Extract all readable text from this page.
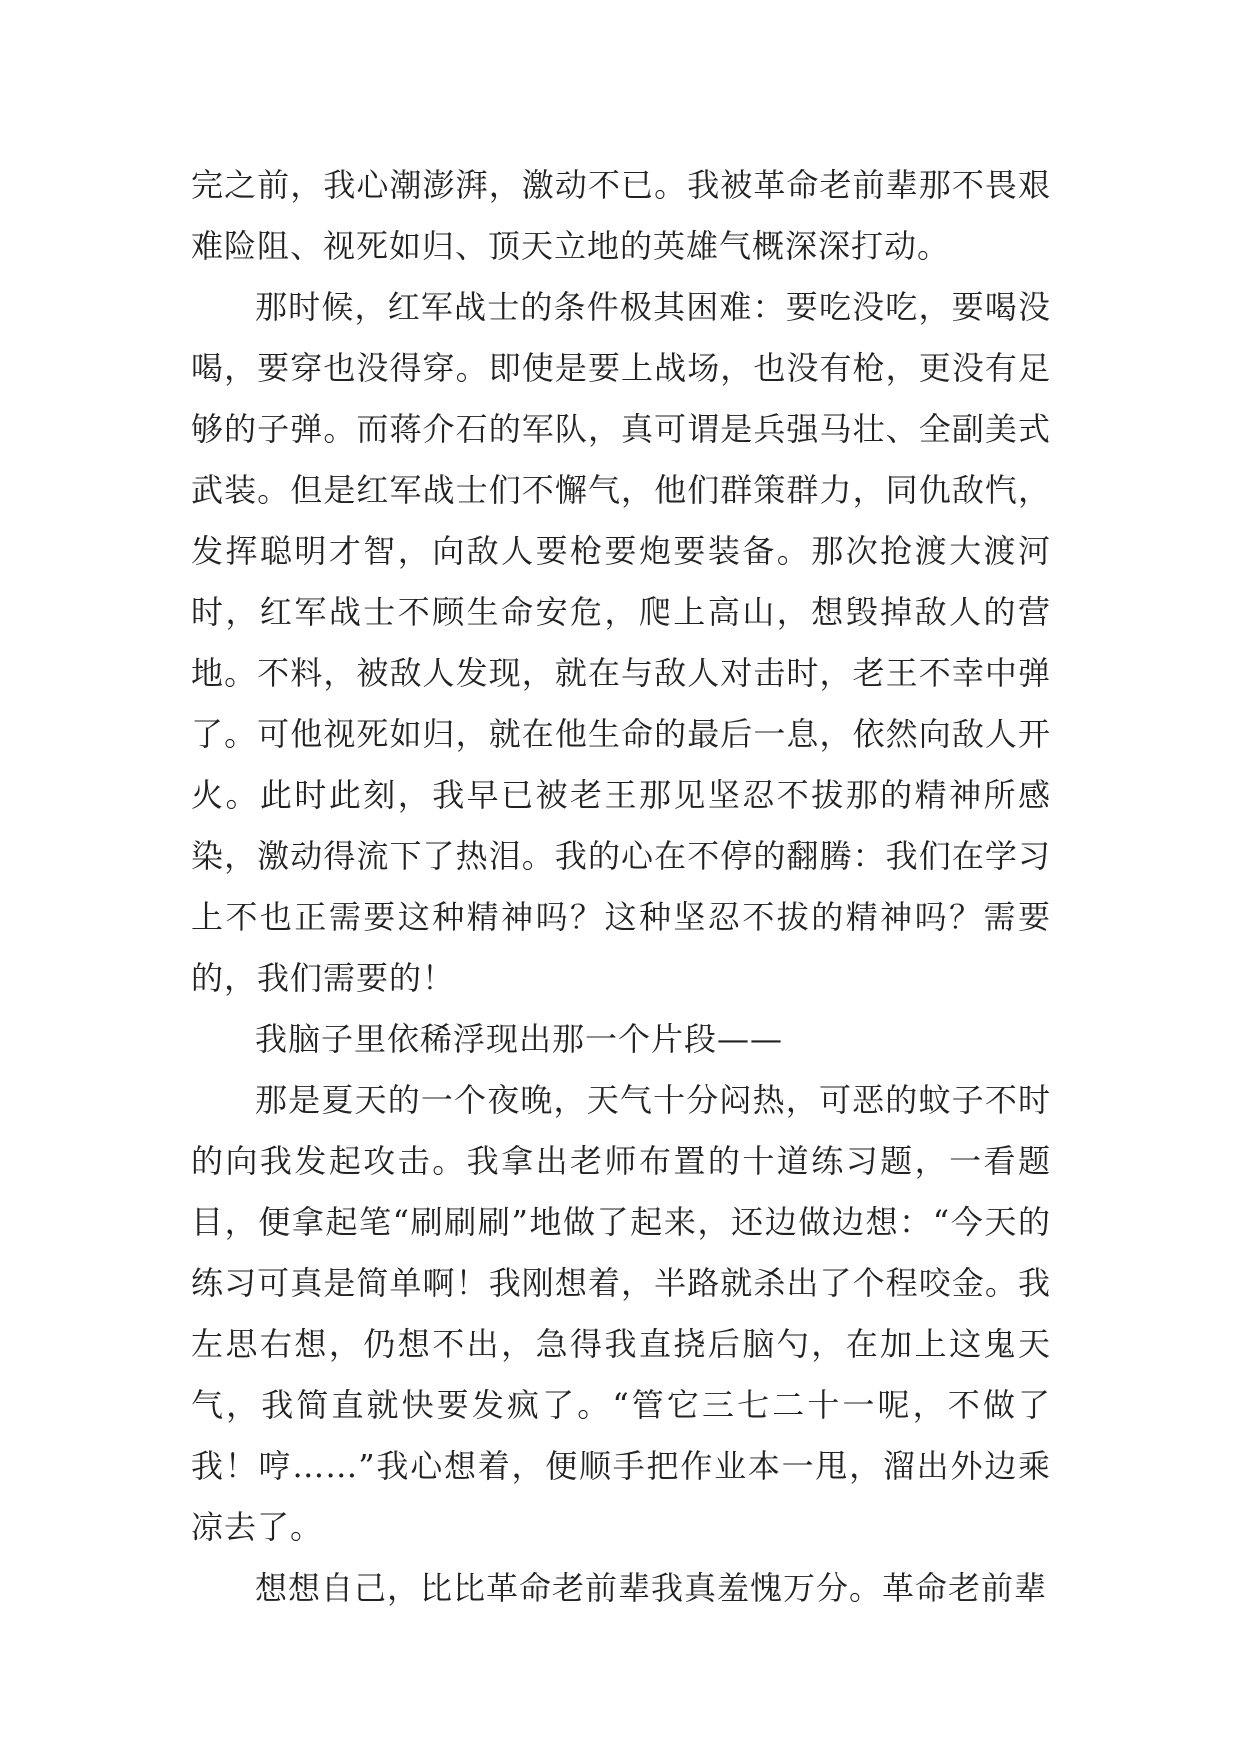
完之前，我心潮澎湃，激动不已。我被革命老前辈那不畏艰难险阻、视死如归、顶天立地的英雄气概深深打动。

那时候，红军战士的条件极其困难：要吃没吃，要喝没喝，要穿也没得穿。即使是要上战场，也没有枪，更没有足够的子弹。而蒋介石的军队，真可谓是兵强马壮、全副美式武装。但是红军战士们不懈气，他们群策群力，同仇敌忾，发挥聪明才智，向敌人要枪要炮要装备。那次抢渡大渡河时，红军战士不顾生命安危，爬上高山，想毁掉敌人的营地。不料，被敌人发现，就在与敌人对击时，老王不幸中弹了。可他视死如归，就在他生命的最后一息，依然向敌人开火。此时此刻，我早已被老王那见坚忍不拔那的精神所感染，激动得流下了热泪。我的心在不停的翻腾：我们在学习上不也正需要这种精神吗？这种坚忍不拔的精神吗？需要的，我们需要的！

我脑子里依稀浮现出那一个片段——

那是夏天的一个夜晚，天气十分闷热，可恶的蚊子不时的向我发起攻击。我拿出老师布置的十道练习题，一看题目，便拿起笔“刷刷刷”地做了起来，还边做边想：“今天的练习可真是简单啊！我刚想着，半路就杀出了个程咬金。我左思右想，仍想不出，急得我直挠后脑勺，在加上这鬼天气，我简直就快要发疯了。“管它三七二十一呢，不做了我！哼……”我心想着，便顺手把作业本一甩，溜出外边乘凉去了。

想想自己，比比革命老前辈我真羞愧万分。革命老前辈
